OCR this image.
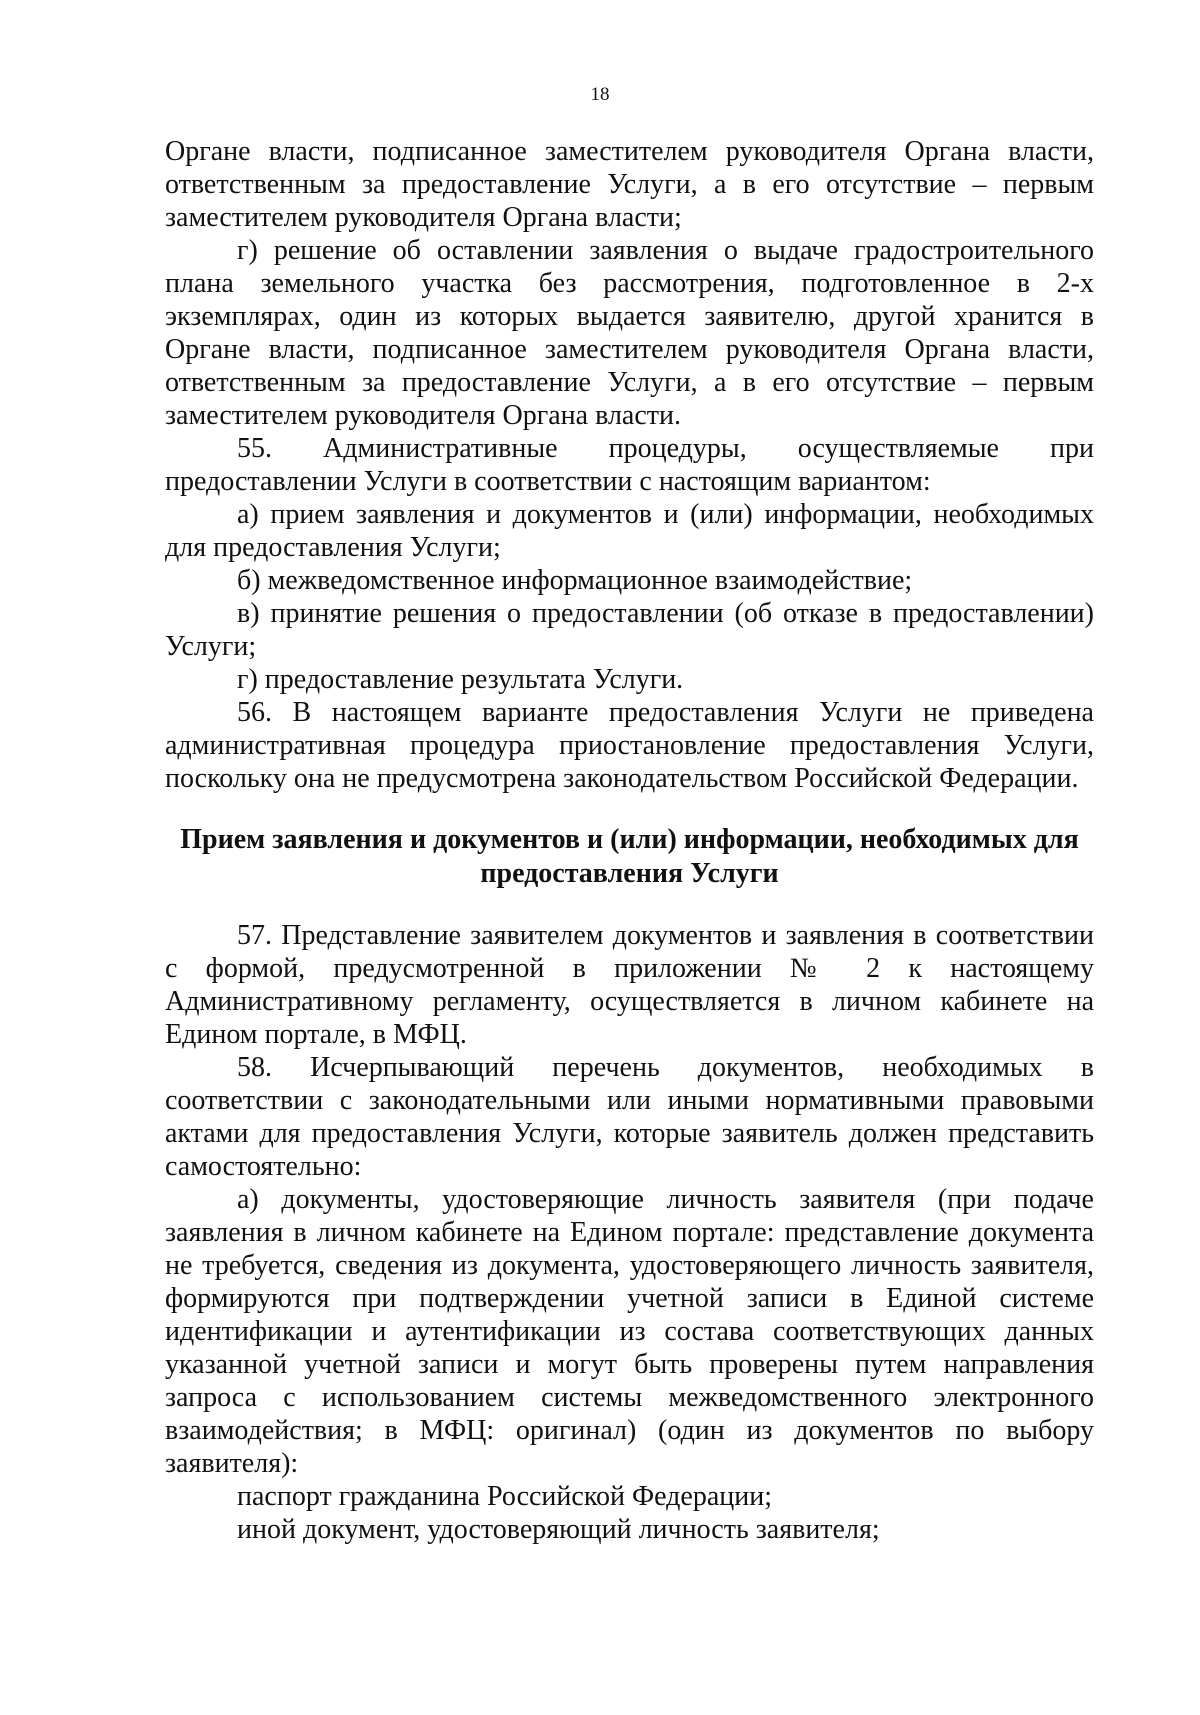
18

Органе власти, подписанное заместителем руководителя Органа власти, ответственным за предоставление Услуги, а в его отсутствие – первым заместителем руководителя Органа власти;

г) решение об оставлении заявления о выдаче градостроительного плана земельного участка без рассмотрения, подготовленное в 2-х экземплярах, один из которых выдается заявителю, другой хранится в Органе власти, подписанное заместителем руководителя Органа власти, ответственным за предоставление Услуги, а в его отсутствие – первым заместителем руководителя Органа власти.

55. Административные процедуры, осуществляемые при предоставлении Услуги в соответствии с настоящим вариантом:

а) прием заявления и документов и (или) информации, необходимых для предоставления Услуги;

б) межведомственное информационное взаимодействие;

в) принятие решения о предоставлении (об отказе в предоставлении) Услуги;

г) предоставление результата Услуги.

56. В настоящем варианте предоставления Услуги не приведена административная процедура приостановление предоставления Услуги, поскольку она не предусмотрена законодательством Российской Федерации.

Прием заявления и документов и (или) информации, необходимых для предоставления Услуги

57. Представление заявителем документов и заявления в соответствии с формой, предусмотренной в приложении № 2 к настоящему Административному регламенту, осуществляется в личном кабинете на Едином портале, в МФЦ.

58. Исчерпывающий перечень документов, необходимых в соответствии с законодательными или иными нормативными правовыми актами для предоставления Услуги, которые заявитель должен представить самостоятельно:

а) документы, удостоверяющие личность заявителя (при подаче заявления в личном кабинете на Едином портале: представление документа не требуется, сведения из документа, удостоверяющего личность заявителя, формируются при подтверждении учетной записи в Единой системе идентификации и аутентификации из состава соответствующих данных указанной учетной записи и могут быть проверены путем направления запроса с использованием системы межведомственного электронного взаимодействия; в МФЦ: оригинал) (один из документов по выбору заявителя):

паспорт гражданина Российской Федерации;

иной документ, удостоверяющий личность заявителя;
